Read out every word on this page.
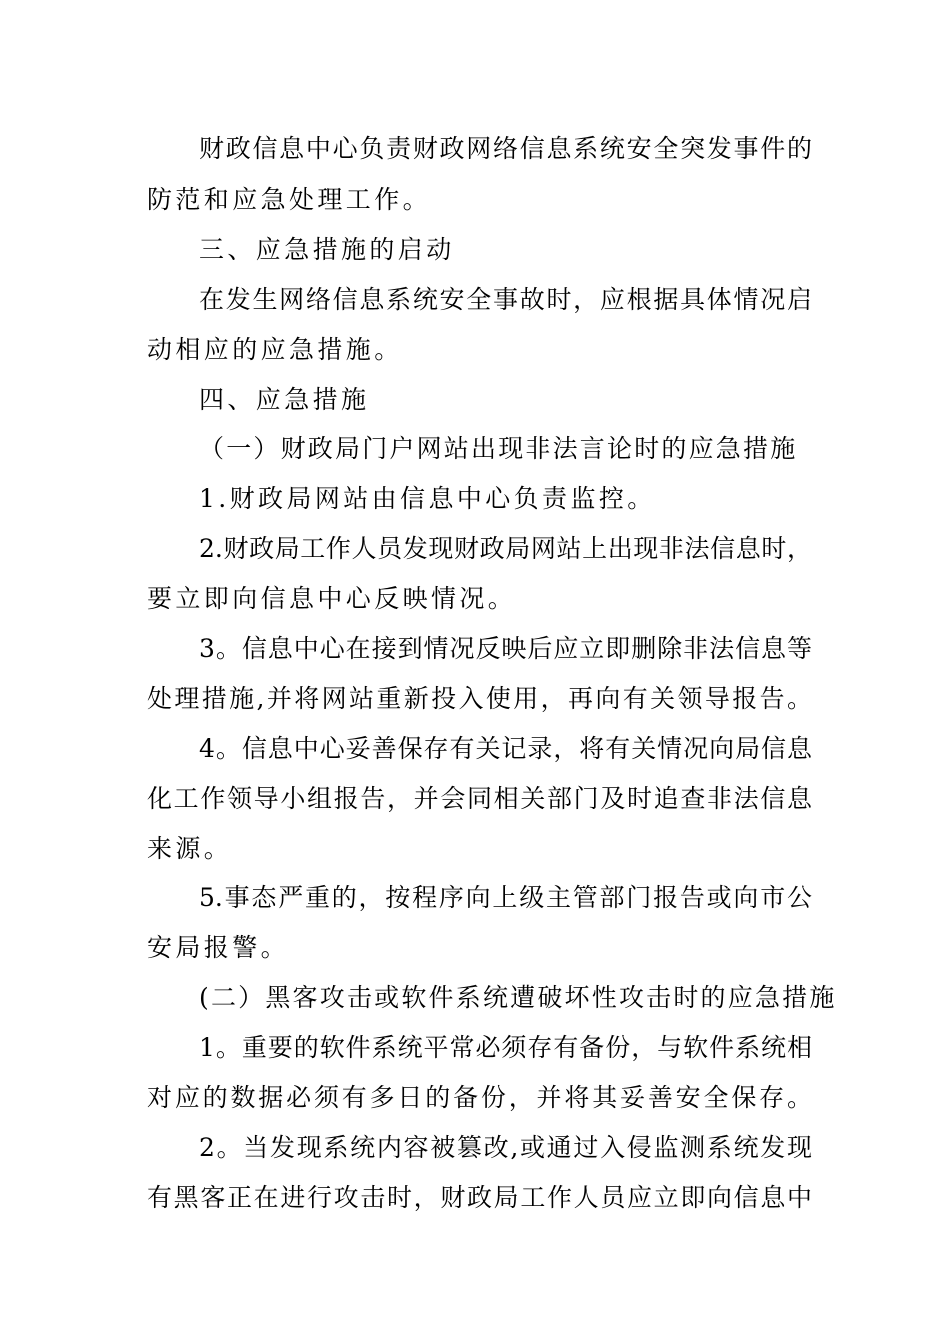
财政信息中心负责财政网络信息系统安全突发事件的
防范和应急处理工作。
三、应急措施的启动
在发生网络信息系统安全事故时，应根据具体情况启
动相应的应急措施。
四、应急措施
（一）财政局门户网站出现非法言论时的应急措施
1.财政局网站由信息中心负责监控。
2.财政局工作人员发现财政局网站上出现非法信息时，
要立即向信息中心反映情况。
3。信息中心在接到情况反映后应立即删除非法信息等
处理措施,并将网站重新投入使用，再向有关领导报告。
4。信息中心妥善保存有关记录，将有关情况向局信息
化工作领导小组报告，并会同相关部门及时追查非法信息
来源。
5.事态严重的，按程序向上级主管部门报告或向市公
安局报警。
(二）黑客攻击或软件系统遭破坏性攻击时的应急措施
1。重要的软件系统平常必须存有备份，与软件系统相
对应的数据必须有多日的备份，并将其妥善安全保存。
2。当发现系统内容被篡改,或通过入侵监测系统发现
有黑客正在进行攻击时，财政局工作人员应立即向信息中
